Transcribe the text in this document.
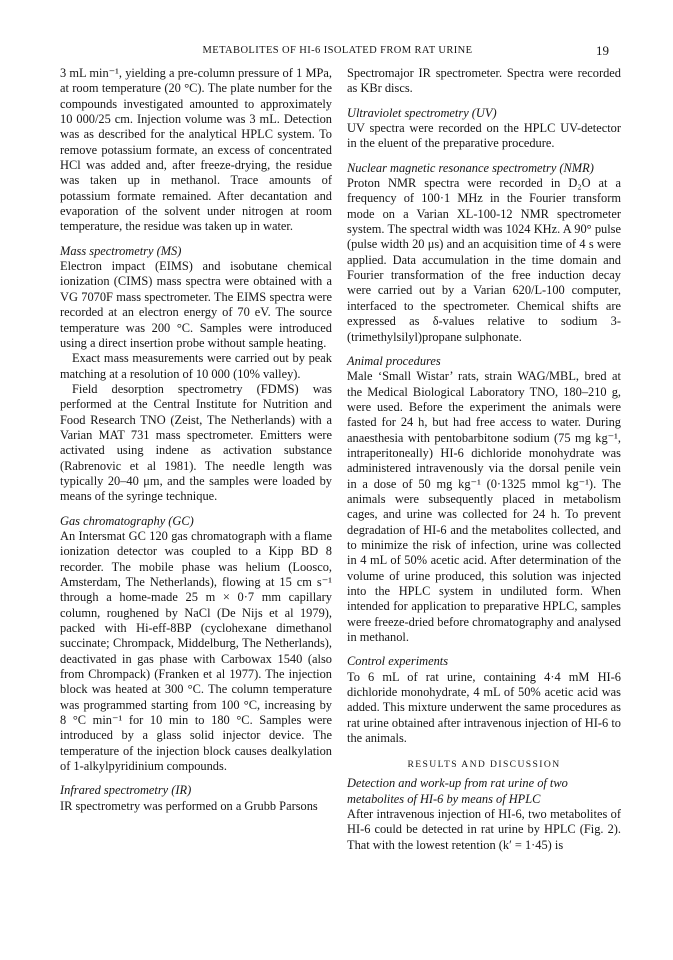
METABOLITES OF HI-6 ISOLATED FROM RAT URINE	19

3 mL min⁻¹, yielding a pre-column pressure of 1 MPa, at room temperature (20 °C). The plate number for the compounds investigated amounted to approximately 10 000/25 cm. Injection volume was 3 mL. Detection was as described for the analytical HPLC system. To remove potassium formate, an excess of concentrated HCl was added and, after freeze-drying, the residue was taken up in methanol. Trace amounts of potassium formate remained. After decantation and evaporation of the solvent under nitrogen at room temperature, the residue was taken up in water.

Mass spectrometry (MS)

Electron impact (EIMS) and isobutane chemical ionization (CIMS) mass spectra were obtained with a VG 7070F mass spectrometer. The EIMS spectra were recorded at an electron energy of 70 eV. The source temperature was 200 °C. Samples were introduced using a direct insertion probe without sample heating.

Exact mass measurements were carried out by peak matching at a resolution of 10 000 (10% valley).

Field desorption spectrometry (FDMS) was performed at the Central Institute for Nutrition and Food Research TNO (Zeist, The Netherlands) with a Varian MAT 731 mass spectrometer. Emitters were activated using indene as activation substance (Rabrenovic et al 1981). The needle length was typically 20–40 μm, and the samples were loaded by means of the syringe technique.

Gas chromatography (GC)

An Intersmat GC 120 gas chromatograph with a flame ionization detector was coupled to a Kipp BD 8 recorder. The mobile phase was helium (Loosco, Amsterdam, The Netherlands), flowing at 15 cm s⁻¹ through a home-made 25 m × 0·7 mm capillary column, roughened by NaCl (De Nijs et al 1979), packed with Hi-eff-8BP (cyclohexane dimethanol succinate; Chrompack, Middelburg, The Netherlands), deactivated in gas phase with Carbowax 1540 (also from Chrompack) (Franken et al 1977). The injection block was heated at 300 °C. The column temperature was programmed starting from 100 °C, increasing by 8 °C min⁻¹ for 10 min to 180 °C. Samples were introduced by a glass solid injector device. The temperature of the injection block causes dealkylation of 1-alkylpyridinium compounds.

Infrared spectrometry (IR)

IR spectrometry was performed on a Grubb Parsons

Spectromajor IR spectrometer. Spectra were recorded as KBr discs.

Ultraviolet spectrometry (UV)

UV spectra were recorded on the HPLC UV-detector in the eluent of the preparative procedure.

Nuclear magnetic resonance spectrometry (NMR)

Proton NMR spectra were recorded in D₂O at a frequency of 100·1 MHz in the Fourier transform mode on a Varian XL-100-12 NMR spectrometer system. The spectral width was 1024 KHz. A 90° pulse (pulse width 20 μs) and an acquisition time of 4 s were applied. Data accumulation in the time domain and Fourier transformation of the free induction decay were carried out by a Varian 620/L-100 computer, interfaced to the spectrometer. Chemical shifts are expressed as δ-values relative to sodium 3-(trimethylsilyl)propane sulphonate.

Animal procedures

Male ‘Small Wistar’ rats, strain WAG/MBL, bred at the Medical Biological Laboratory TNO, 180–210 g, were used. Before the experiment the animals were fasted for 24 h, but had free access to water. During anaesthesia with pentobarbitone sodium (75 mg kg⁻¹, intraperitoneally) HI-6 dichloride monohydrate was administered intravenously via the dorsal penile vein in a dose of 50 mg kg⁻¹ (0·1325 mmol kg⁻¹). The animals were subsequently placed in metabolism cages, and urine was collected for 24 h. To prevent degradation of HI-6 and the metabolites collected, and to minimize the risk of infection, urine was collected in 4 mL of 50% acetic acid. After determination of the volume of urine produced, this solution was injected into the HPLC system in undiluted form. When intended for application to preparative HPLC, samples were freeze-dried before chromatography and analysed in methanol.

Control experiments

To 6 mL of rat urine, containing 4·4 mM HI-6 dichloride monohydrate, 4 mL of 50% acetic acid was added. This mixture underwent the same procedures as rat urine obtained after intravenous injection of HI-6 to the animals.

RESULTS AND DISCUSSION
Detection and work-up from rat urine of two metabolites of HI-6 by means of HPLC

After intravenous injection of HI-6, two metabolites of HI-6 could be detected in rat urine by HPLC (Fig. 2). That with the lowest retention (k′ = 1·45) is
